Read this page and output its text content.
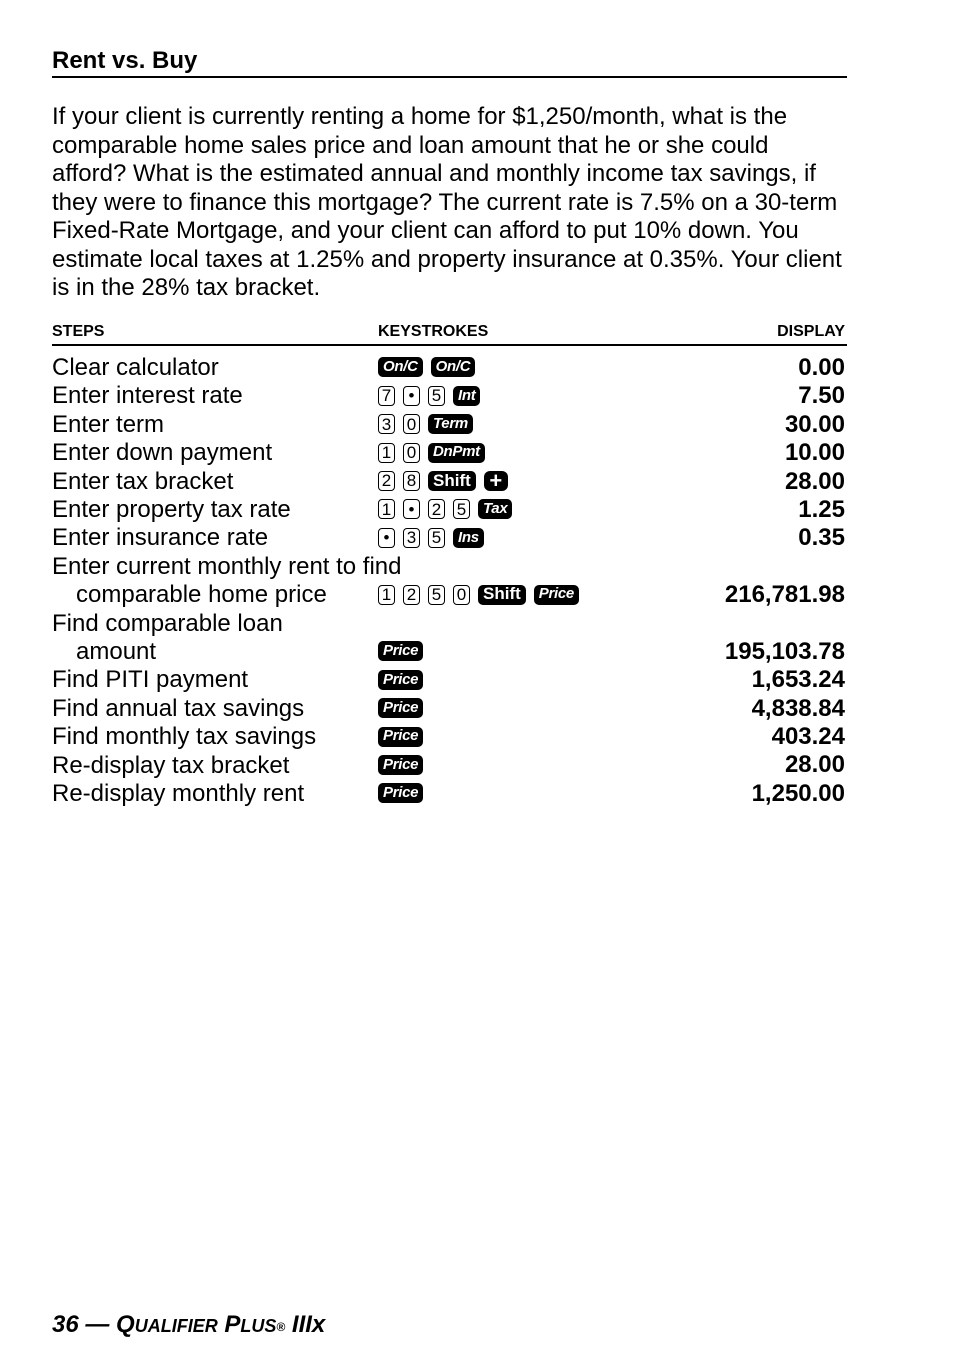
Rent vs. Buy
If your client is currently renting a home for $1,250/month, what is the comparable home sales price and loan amount that he or she could afford? What is the estimated annual and monthly income tax savings, if they were to finance this mortgage? The current rate is 7.5% on a 30-term Fixed-Rate Mortgage, and your client can afford to put 10% down. You estimate local taxes at 1.25% and property insurance at 0.35%. Your client is in the 28% tax bracket.
STEPS	KEYSTROKES	DISPLAY
Clear calculator	On/C	On/C	0.00
Enter interest rate	7	•	5	Int	7.50
Enter term	3 0	Term	30.00
Enter down payment	1 0	DnPmt	10.00
Enter tax bracket	2 8 Shift +	28.00
Enter property tax rate	1	•	2 5	Tax	1.25
Enter insurance rate	•	3 5	Ins	0.35
Enter current monthly rent to find
comparable home price	1 2 5 0 Shift	Price	216,781.98
Find comparable loan
amount	Price	195,103.78
Find PITI payment	Price	1,653.24
Find annual tax savings	Price	4,838.84
Find monthly tax savings	Price	403.24
Re-display tax bracket	Price	28.00
Re-display monthly rent	Price	1,250.00
36 — QUALIFIER PLUS® IIIx
